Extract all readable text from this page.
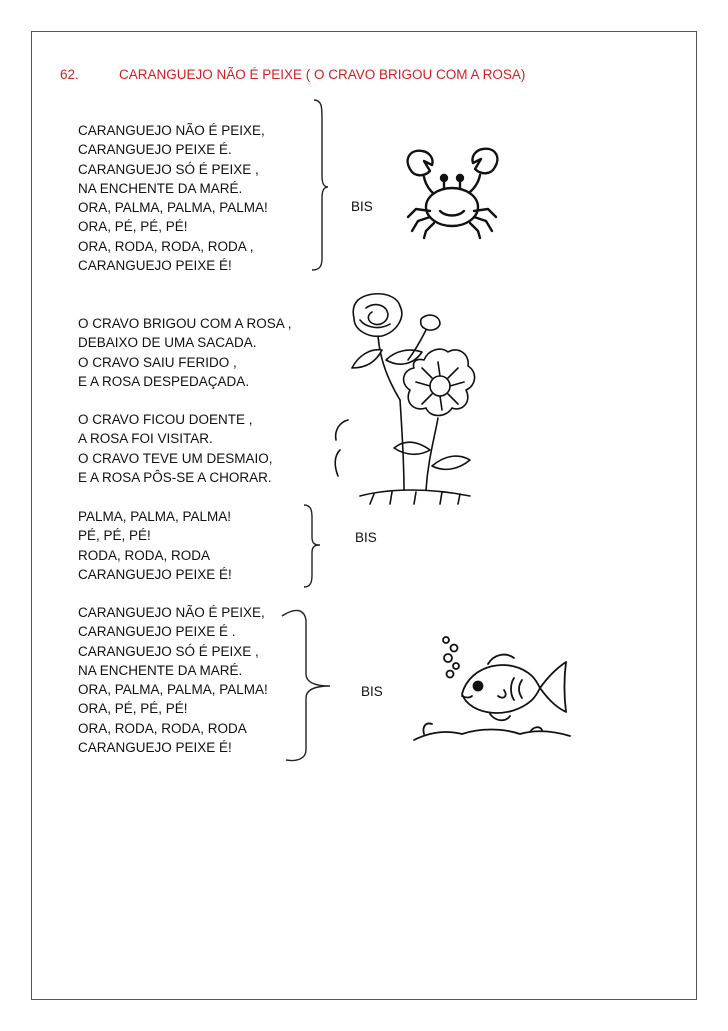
62.	CARANGUEJO NÃO É PEIXE ( O CRAVO BRIGOU COM A ROSA)
CARANGUEJO NÃO É PEIXE,
CARANGUEJO PEIXE É.
CARANGUEJO SÓ É PEIXE ,
NA ENCHENTE DA MARÉ.
ORA, PALMA, PALMA, PALMA!
ORA, PÉ, PÉ, PÉ!
ORA, RODA, RODA, RODA ,
CARANGUEJO PEIXE É!
BIS
O CRAVO BRIGOU COM A ROSA ,
DEBAIXO DE UMA SACADA.
O CRAVO SAIU FERIDO ,
E A ROSA DESPEDAÇADA.
O CRAVO FICOU DOENTE ,
A ROSA FOI VISITAR.
O CRAVO TEVE UM DESMAIO,
E A ROSA PÔS-SE A CHORAR.
PALMA, PALMA, PALMA!
PÉ, PÉ, PÉ!
RODA, RODA, RODA
CARANGUEJO PEIXE É!
BIS
CARANGUEJO NÃO É PEIXE,
CARANGUEJO PEIXE É .
CARANGUEJO SÓ É PEIXE ,
NA ENCHENTE DA MARÉ.
ORA, PALMA, PALMA, PALMA!
ORA, PÉ, PÉ, PÉ!
ORA, RODA, RODA, RODA
CARANGUEJO PEIXE É!
BIS
